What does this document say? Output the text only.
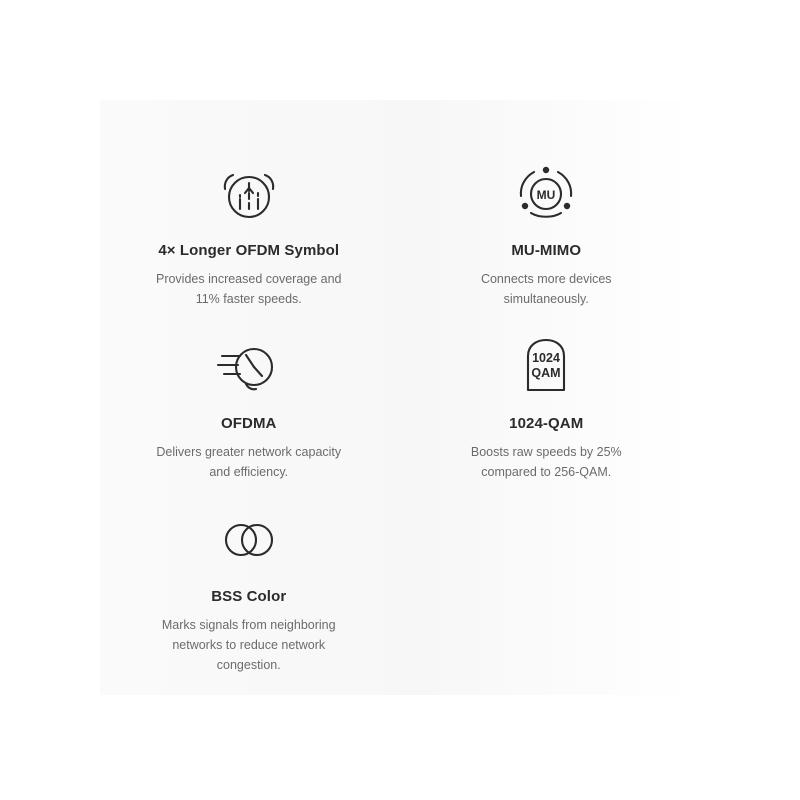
4× Longer OFDM Symbol
Provides increased coverage and 11% faster speeds.
MU
MU-MIMO
Connects more devices simultaneously.
OFDMA
Delivers greater network capacity and efficiency.
1024
QAM
1024-QAM
Boosts raw speeds by 25% compared to 256-QAM.
BSS Color
Marks signals from neighboring networks to reduce network congestion.
